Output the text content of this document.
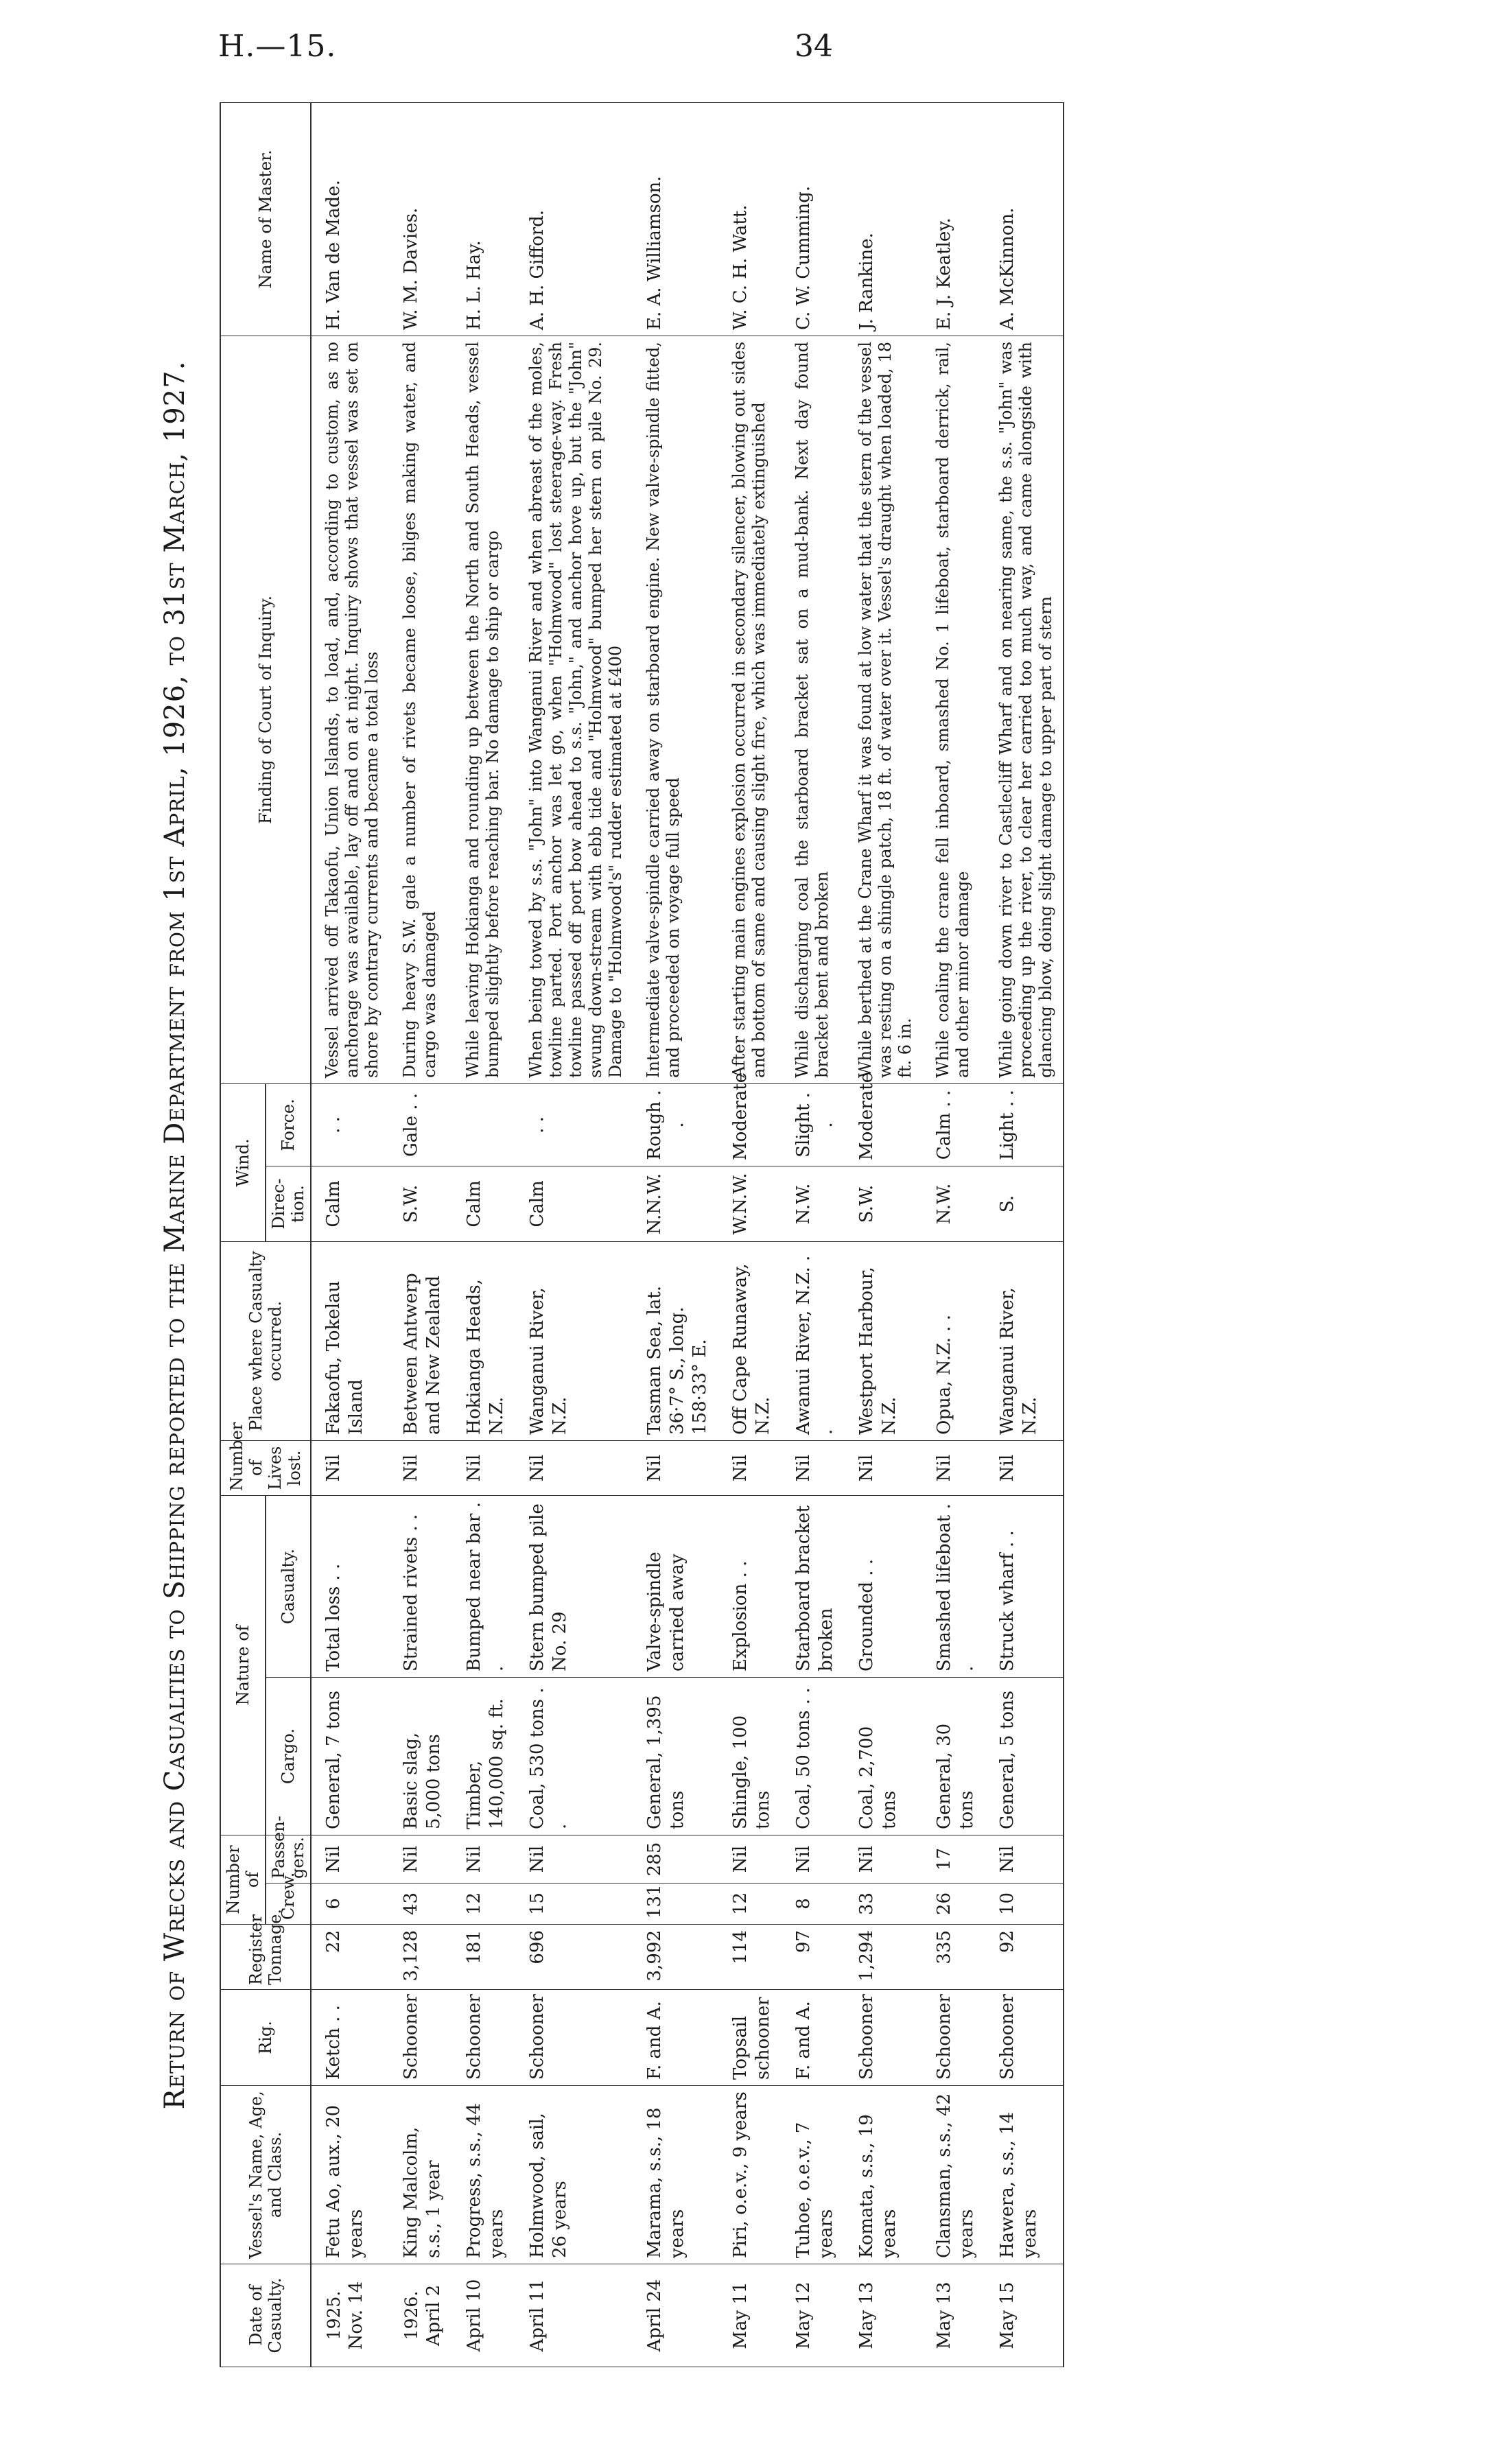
H.—15.	34
Return of Wrecks and Casualties to Shipping reported to the Marine Department from 1st April, 1926, to 31st March, 1927.
Date of Casualty.	Vessel's Name, Age, and Class.	Rig.	Register Tonnage.	Number of		Nature of		Number of Lives lost.	Place where Casualty occurred.	Wind.		Finding of Court of Inquiry.	Name of Master.
				Crew.	Passen-gers.	Cargo.	Casualty.			Direc-tion.	Force.		

1925. Nov. 14	Fetu Ao, aux., 20 years	Ketch . .	22	6	Nil	General, 7 tons	Total loss . .	Nil	Fakaofu, Tokelau Island	Calm	. .	Vessel arrived off Takaofu, Union Islands, to load, and, according to custom, as no anchorage was available, lay off and on at night. Inquiry shows that vessel was set on shore by contrary currents and became a total loss	H. Van de Made.

1926. April 2	King Malcolm, s.s., 1 year	Schooner	3,128	43	Nil	Basic slag, 5,000 tons	Strained rivets . .	Nil	Between Antwerp and New Zealand	S.W.	Gale . .	During heavy S.W. gale a number of rivets became loose, bilges making water, and cargo was damaged	W. M. Davies.

April 10	Progress, s.s., 44 years	Schooner	181	12	Nil	Timber, 140,000 sq. ft.	Bumped near bar . .	Nil	Hokianga Heads, N.Z.	Calm		While leaving Hokianga and rounding up between the North and South Heads, vessel bumped slightly before reaching bar. No damage to ship or cargo	H. L. Hay.

April 11	Holmwood, sail, 26 years	Schooner	696	15	Nil	Coal, 530 tons . .	Stern bumped pile No. 29	Nil	Wanganui River, N.Z.	Calm	. .	When being towed by s.s. "John" into Wanganui River and when abreast of the moles, towline parted. Port anchor was let go, when "Holmwood" lost steerage-way. Fresh towline passed off port bow ahead to s.s. "John," and anchor hove up, but the "John" swung down-stream with ebb tide and "Holmwood" bumped her stern on pile No. 29. Damage to "Holmwood's" rudder estimated at £400	A. H. Gifford.

April 24	Marama, s.s., 18 years	F. and A.	3,992	131	285	General, 1,395 tons	Valve-spindle carried away	Nil	Tasman Sea, lat. 36·7° S., long. 158·33° E.	N.N.W.	Rough . .	Intermediate valve-spindle carried away on starboard engine. New valve-spindle fitted, and proceeded on voyage full speed	E. A. Williamson.

May 11	Piri, o.e.v., 9 years	Topsail schooner	114	12	Nil	Shingle, 100 tons	Explosion . .	Nil	Off Cape Runaway, N.Z.	W.N.W.	Moderate	After starting main engines explosion occurred in secondary silencer, blowing out sides and bottom of same and causing slight fire, which was immediately extinguished	W. C. H. Watt.

May 12	Tuhoe, o.e.v., 7 years	F. and A.	97	8	Nil	Coal, 50 tons . .	Starboard bracket broken	Nil	Awanui River, N.Z. . .	N.W.	Slight . .	While discharging coal the starboard bracket sat on a mud-bank. Next day found bracket bent and broken	C. W. Cumming.

May 13	Komata, s.s., 19 years	Schooner	1,294	33	Nil	Coal, 2,700 tons	Grounded . .	Nil	Westport Harbour, N.Z.	S.W.	Moderate	While berthed at the Crane Wharf it was found at low water that the stern of the vessel was resting on a shingle patch, 18 ft. of water over it. Vessel's draught when loaded, 18 ft. 6 in.	J. Rankine.

May 13	Clansman, s.s., 42 years	Schooner	335	26	17	General, 30 tons	Smashed lifeboat . .	Nil	Opua, N.Z. . .	N.W.	Calm . .	While coaling the crane fell inboard, smashed No. 1 lifeboat, starboard derrick, rail, and other minor damage	E. J. Keatley.

May 15	Hawera, s.s., 14 years	Schooner	92	10	Nil	General, 5 tons	Struck wharf . .	Nil	Wanganui River, N.Z.	S.	Light . .	While going down river to Castlecliff Wharf and on nearing same, the s.s. "John" was proceeding up the river, to clear her carried too much way, and came alongside with glancing blow, doing slight damage to upper part of stern	A. McKinnon.
